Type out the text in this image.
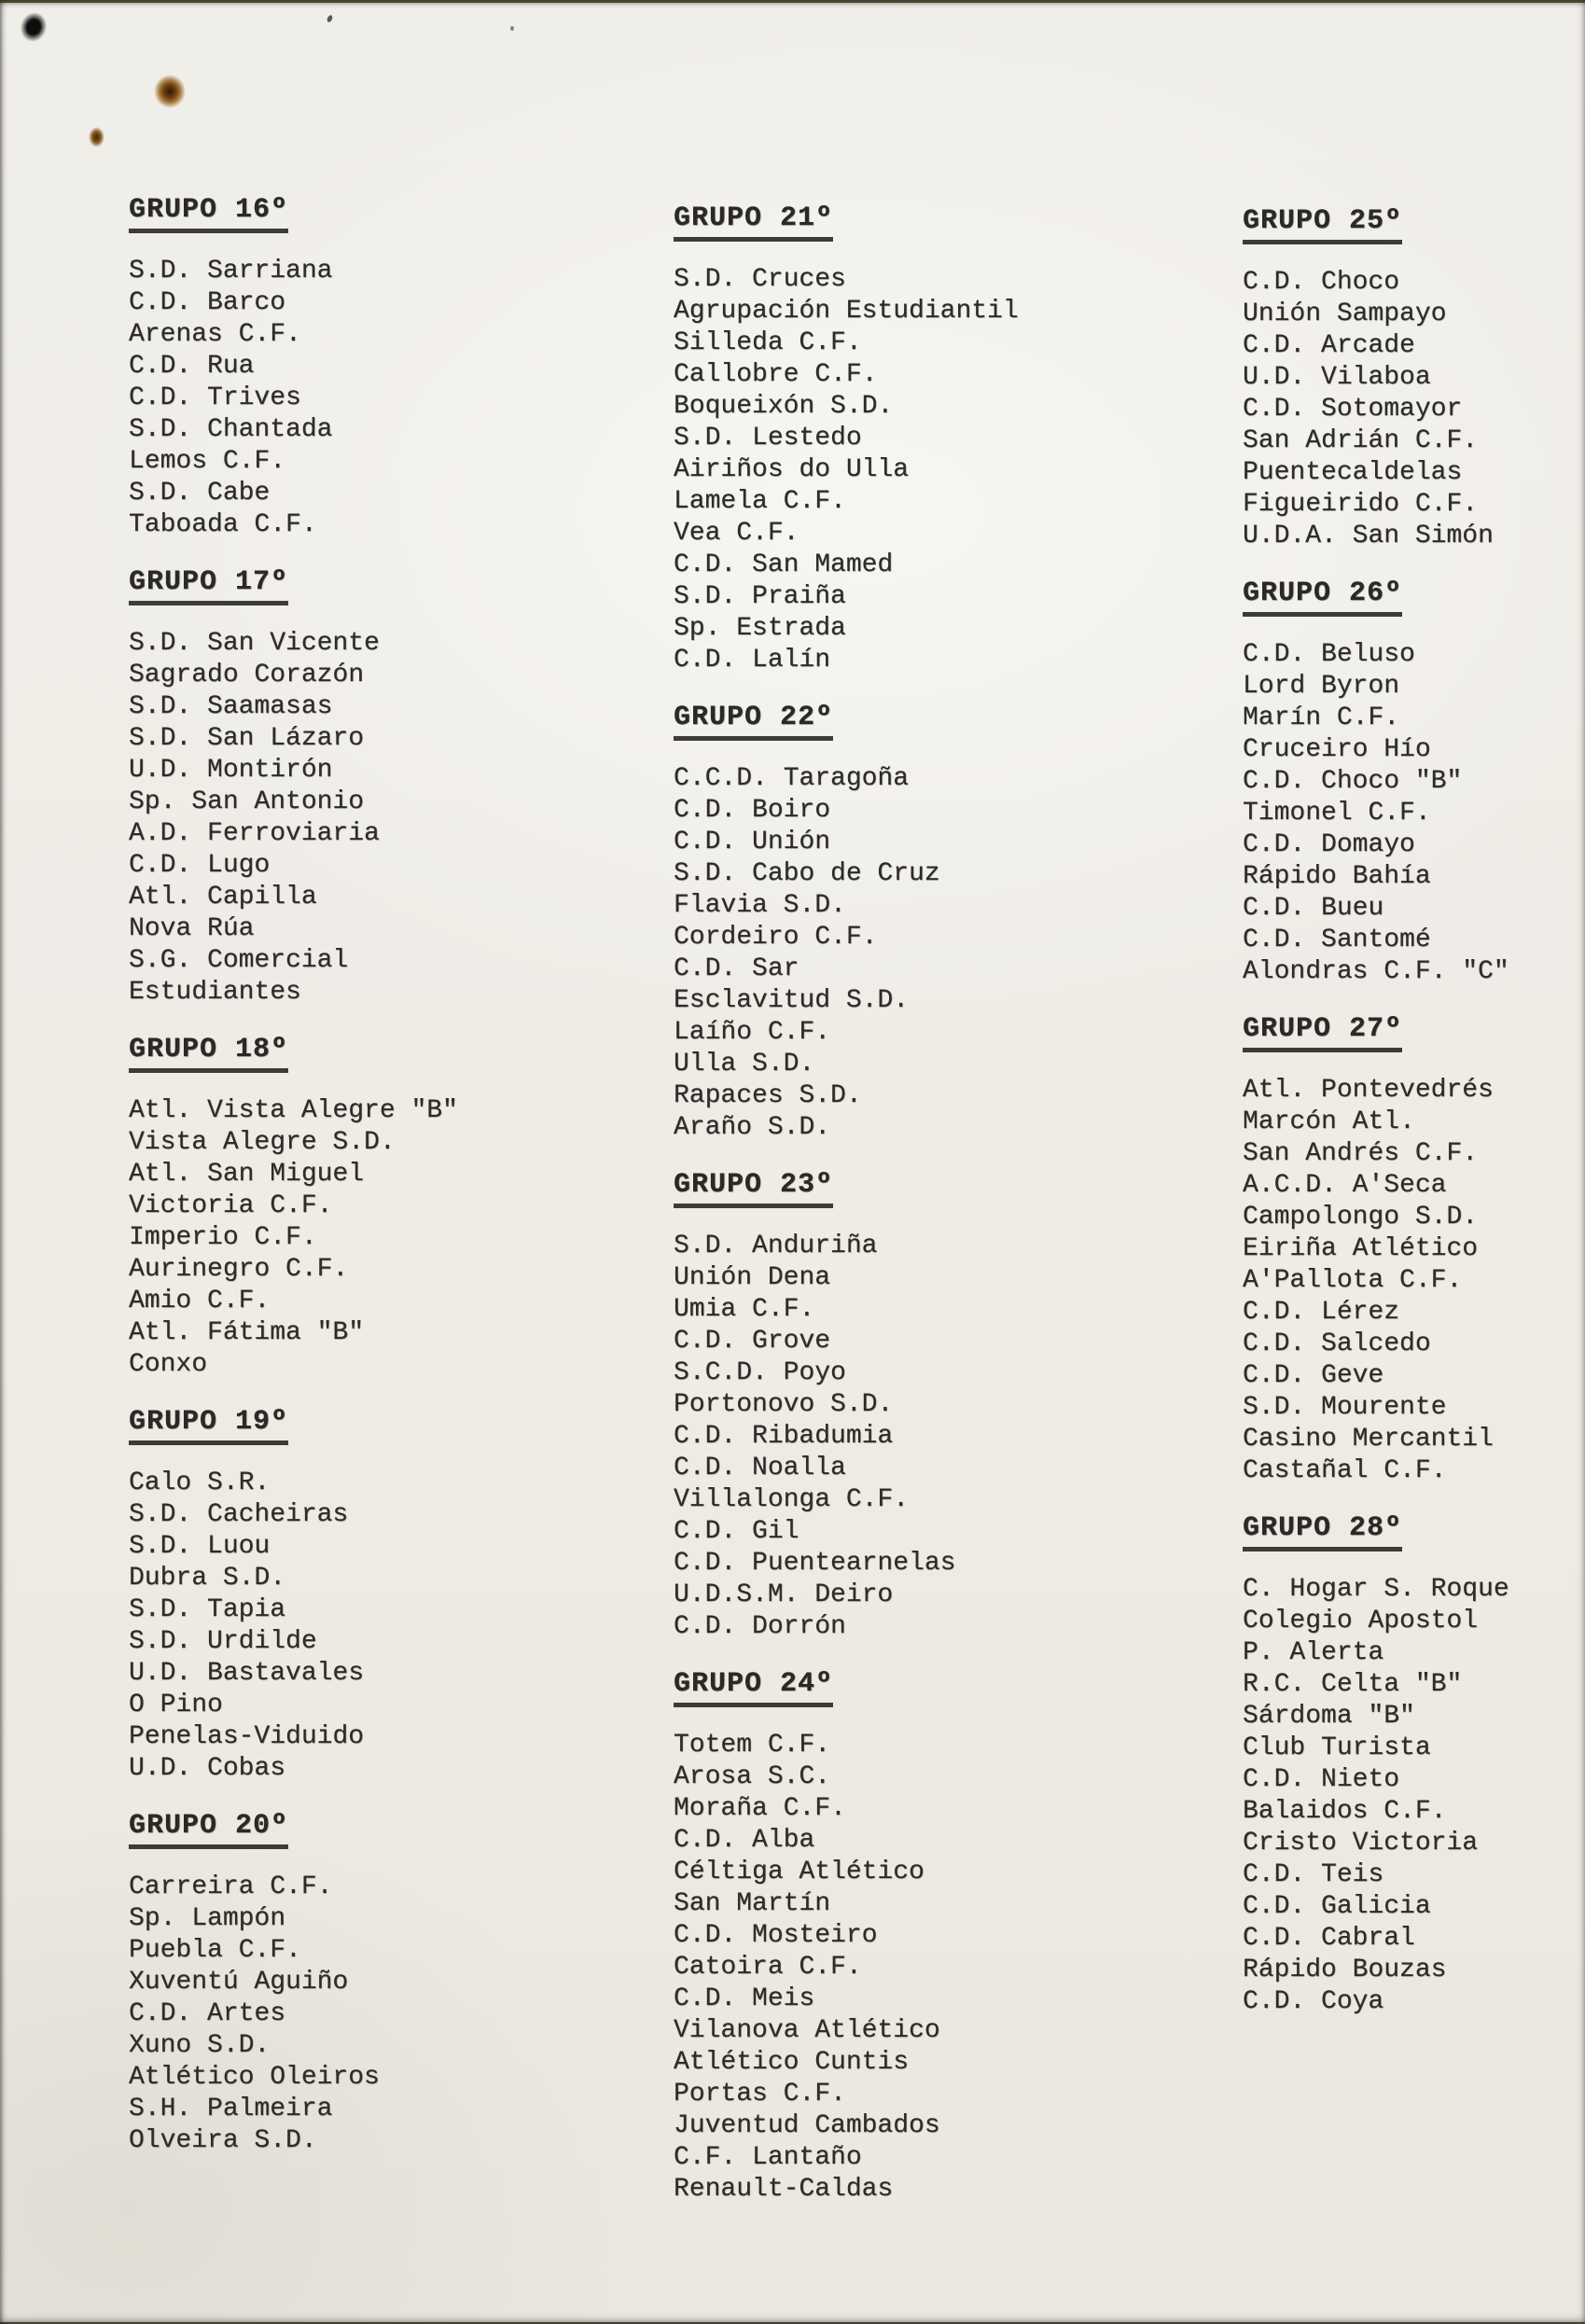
GRUPO 16º
S.D. Sarriana
C.D. Barco
Arenas C.F.
C.D. Rua
C.D. Trives
S.D. Chantada
Lemos C.F.
S.D. Cabe
Taboada C.F.
GRUPO 17º
S.D. San Vicente
Sagrado Corazón
S.D. Saamasas
S.D. San Lázaro
U.D. Montirón
Sp. San Antonio
A.D. Ferroviaria
C.D. Lugo
Atl. Capilla
Nova Rúa
S.G. Comercial
Estudiantes
GRUPO 18º
Atl. Vista Alegre "B"
Vista Alegre S.D.
Atl. San Miguel
Victoria C.F.
Imperio C.F.
Aurinegro C.F.
Amio C.F.
Atl. Fátima "B"
Conxo
GRUPO 19º
Calo S.R.
S.D. Cacheiras
S.D. Luou
Dubra S.D.
S.D. Tapia
S.D. Urdilde
U.D. Bastavales
O Pino
Penelas-Viduido
U.D. Cobas
GRUPO 20º
Carreira C.F.
Sp. Lampón
Puebla C.F.
Xuventú Aguiño
C.D. Artes
Xuno S.D.
Atlético Oleiros
S.H. Palmeira
Olveira S.D.
GRUPO 21º
S.D. Cruces
Agrupación Estudiantil
Silleda C.F.
Callobre C.F.
Boqueixón S.D.
S.D. Lestedo
Airiños do Ulla
Lamela C.F.
Vea C.F.
C.D. San Mamed
S.D. Praiña
Sp. Estrada
C.D. Lalín
GRUPO 22º
C.C.D. Taragoña
C.D. Boiro
C.D. Unión
S.D. Cabo de Cruz
Flavia S.D.
Cordeiro C.F.
C.D. Sar
Esclavitud S.D.
Laíño C.F.
Ulla S.D.
Rapaces S.D.
Araño S.D.
GRUPO 23º
S.D. Anduriña
Unión Dena
Umia C.F.
C.D. Grove
S.C.D. Poyo
Portonovo S.D.
C.D. Ribadumia
C.D. Noalla
Villalonga C.F.
C.D. Gil
C.D. Puentearnelas
U.D.S.M. Deiro
C.D. Dorrón
GRUPO 24º
Totem C.F.
Arosa S.C.
Moraña C.F.
C.D. Alba
Céltiga Atlético
San Martín
C.D. Mosteiro
Catoira C.F.
C.D. Meis
Vilanova Atlético
Atlético Cuntis
Portas C.F.
Juventud Cambados
C.F. Lantaño
Renault-Caldas
GRUPO 25º
C.D. Choco
Unión Sampayo
C.D. Arcade
U.D. Vilaboa
C.D. Sotomayor
San Adrián C.F.
Puentecaldelas
Figueirido C.F.
U.D.A. San Simón
GRUPO 26º
C.D. Beluso
Lord Byron
Marín C.F.
Cruceiro Hío
C.D. Choco "B"
Timonel C.F.
C.D. Domayo
Rápido Bahía
C.D. Bueu
C.D. Santomé
Alondras C.F. "C"
GRUPO 27º
Atl. Pontevedrés
Marcón Atl.
San Andrés C.F.
A.C.D. A'Seca
Campolongo S.D.
Eiriña Atlético
A'Pallota C.F.
C.D. Lérez
C.D. Salcedo
C.D. Geve
S.D. Mourente
Casino Mercantil
Castañal C.F.
GRUPO 28º
C. Hogar S. Roque
Colegio Apostol
P. Alerta
R.C. Celta "B"
Sárdoma "B"
Club Turista
C.D. Nieto
Balaidos C.F.
Cristo Victoria
C.D. Teis
C.D. Galicia
C.D. Cabral
Rápido Bouzas
C.D. Coya
